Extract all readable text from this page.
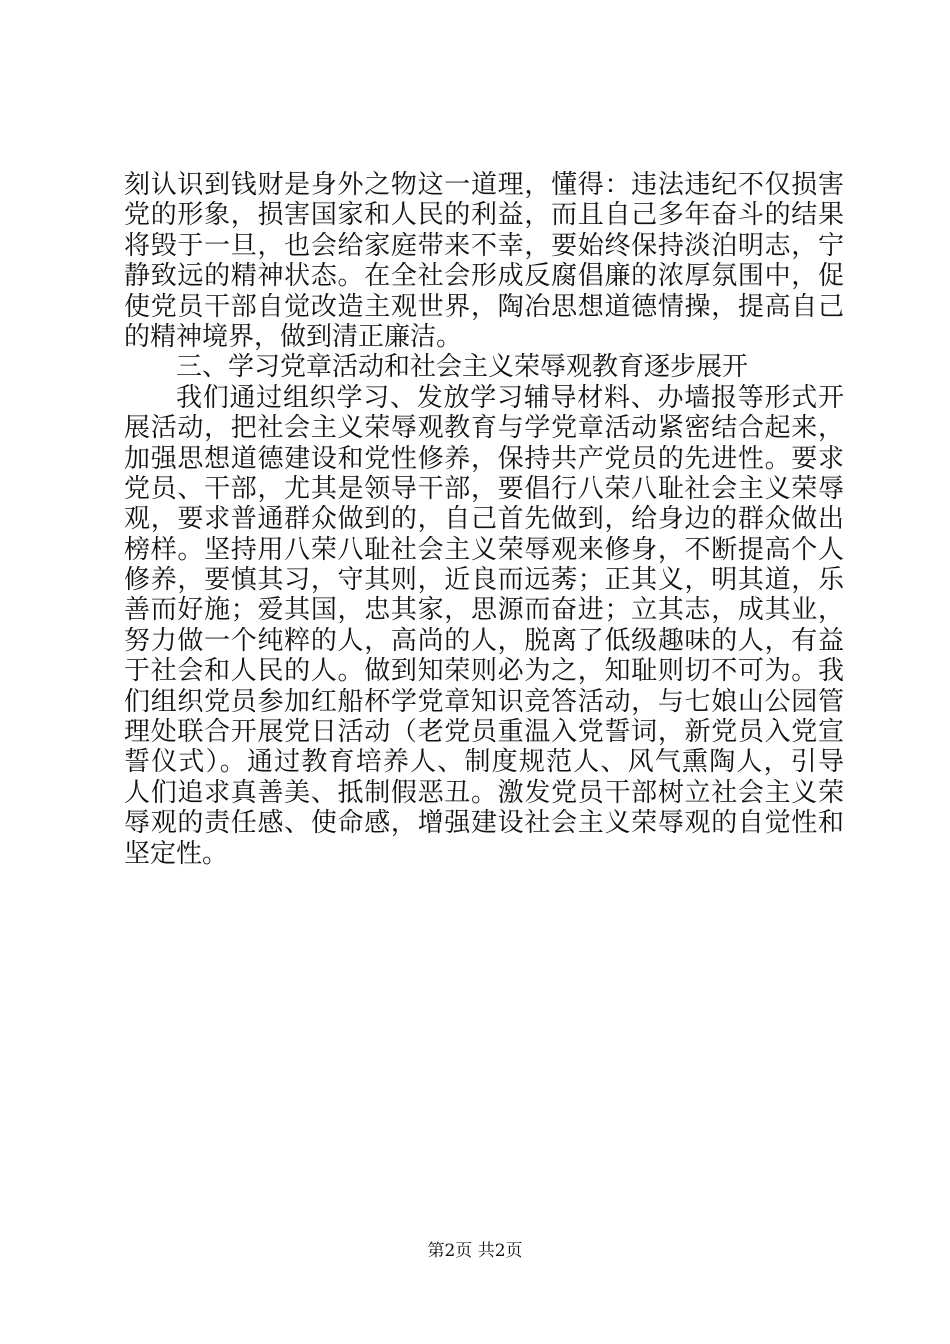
刻认识到钱财是身外之物这一道理，懂得：违法违纪不仅损害
党的形象，损害国家和人民的利益，而且自己多年奋斗的结果
将毁于一旦，也会给家庭带来不幸，要始终保持淡泊明志，宁
静致远的精神状态。在全社会形成反腐倡廉的浓厚氛围中，促
使党员干部自觉改造主观世界，陶冶思想道德情操，提高自己
的精神境界，做到清正廉洁。
三、学习党章活动和社会主义荣辱观教育逐步展开
我们通过组织学习、发放学习辅导材料、办墙报等形式开
展活动，把社会主义荣辱观教育与学党章活动紧密结合起来，
加强思想道德建设和党性修养，保持共产党员的先进性。要求
党员、干部，尤其是领导干部，要倡行八荣八耻社会主义荣辱
观，要求普通群众做到的，自己首先做到，给身边的群众做出
榜样。坚持用八荣八耻社会主义荣辱观来修身，不断提高个人
修养，要慎其习，守其则，近良而远莠；正其义，明其道，乐
善而好施；爱其国，忠其家，思源而奋进；立其志，成其业，
努力做一个纯粹的人，高尚的人，脱离了低级趣味的人，有益
于社会和人民的人。做到知荣则必为之，知耻则切不可为。我
们组织党员参加红船杯学党章知识竞答活动，与七娘山公园管
理处联合开展党日活动（老党员重温入党誓词，新党员入党宣
誓仪式）。通过教育培养人、制度规范人、风气熏陶人，引导
人们追求真善美、抵制假恶丑。激发党员干部树立社会主义荣
辱观的责任感、使命感，增强建设社会主义荣辱观的自觉性和
坚定性。
第2页 共2页
